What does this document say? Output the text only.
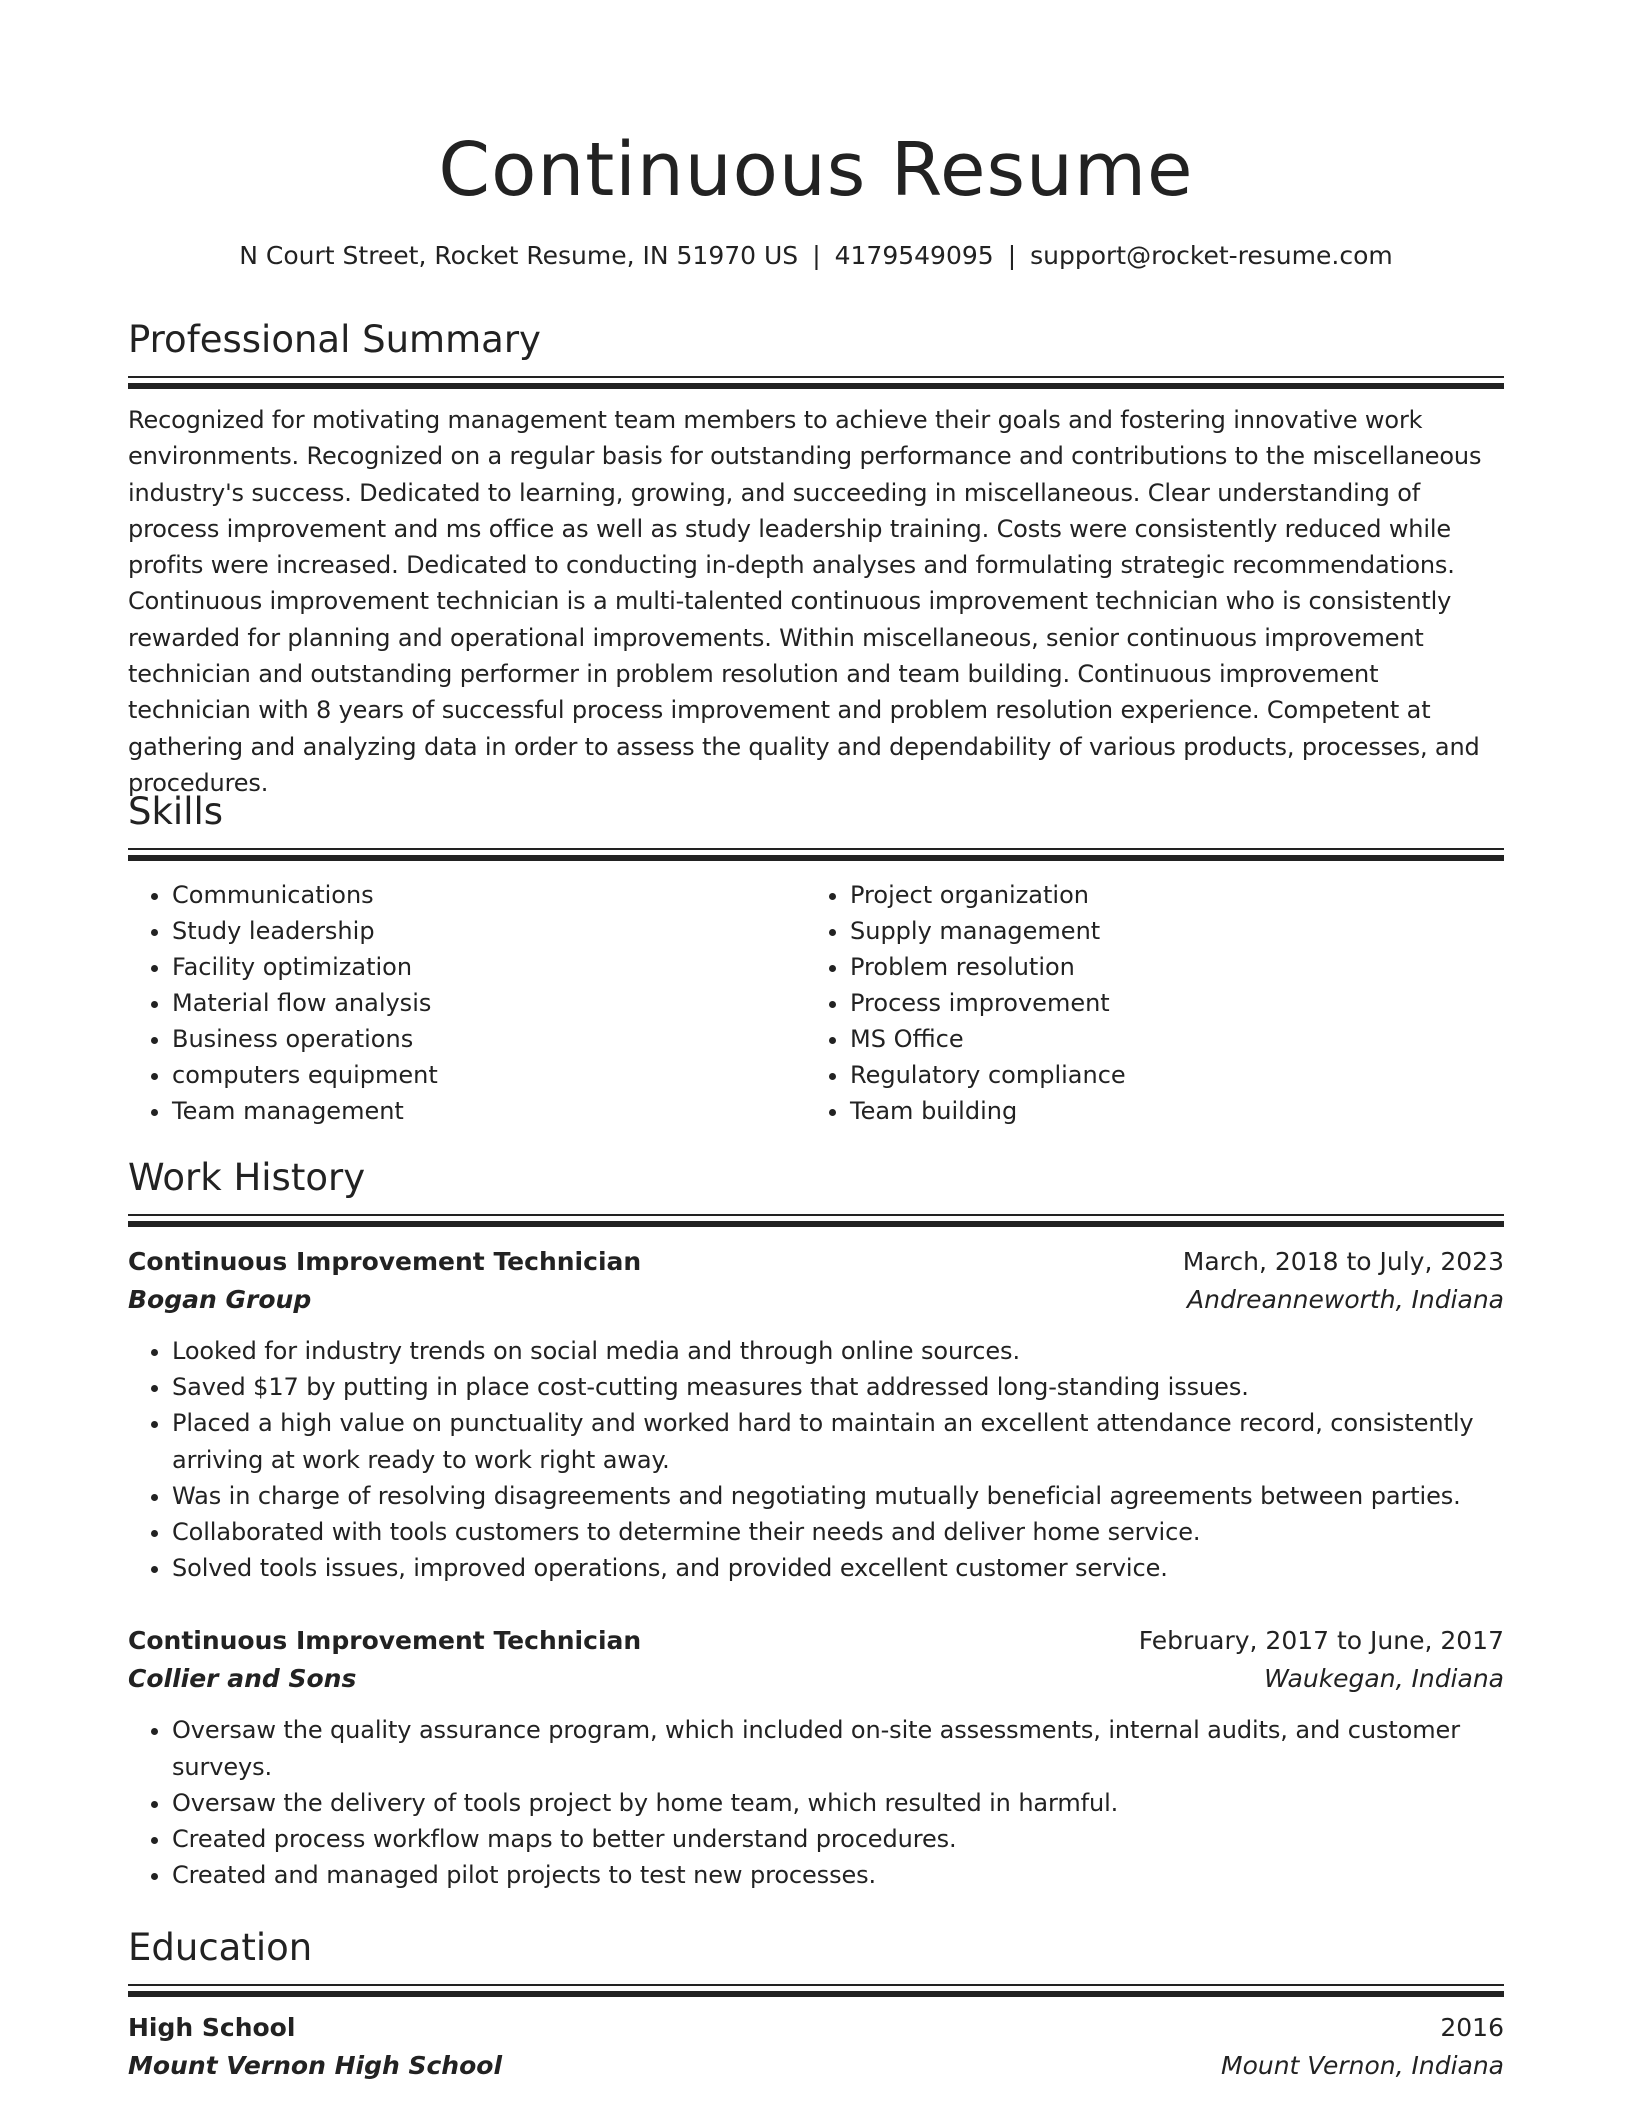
Continuous Resume
N Court Street, Rocket Resume, IN 51970 US | 4179549095 | support@rocket-resume.com
Professional Summary
Recognized for motivating management team members to achieve their goals and fostering innovative work environments. Recognized on a regular basis for outstanding performance and contributions to the miscellaneous industry's success. Dedicated to learning, growing, and succeeding in miscellaneous. Clear understanding of process improvement and ms office as well as study leadership training. Costs were consistently reduced while profits were increased. Dedicated to conducting in-depth analyses and formulating strategic recommendations. Continuous improvement technician is a multi-talented continuous improvement technician who is consistently rewarded for planning and operational improvements. Within miscellaneous, senior continuous improvement technician and outstanding performer in problem resolution and team building. Continuous improvement technician with 8 years of successful process improvement and problem resolution experience. Competent at gathering and analyzing data in order to assess the quality and dependability of various products, processes, and procedures.
Skills
• Communications
• Study leadership
• Facility optimization
• Material flow analysis
• Business operations
• computers equipment
• Team management
• Project organization
• Supply management
• Problem resolution
• Process improvement
• MS Office
• Regulatory compliance
• Team building
Work History
Continuous Improvement Technician	March, 2018 to July, 2023
Bogan Group	Andreanneworth, Indiana
• Looked for industry trends on social media and through online sources.
• Saved $17 by putting in place cost-cutting measures that addressed long-standing issues.
• Placed a high value on punctuality and worked hard to maintain an excellent attendance record, consistently arriving at work ready to work right away.
• Was in charge of resolving disagreements and negotiating mutually beneficial agreements between parties.
• Collaborated with tools customers to determine their needs and deliver home service.
• Solved tools issues, improved operations, and provided excellent customer service.
Continuous Improvement Technician	February, 2017 to June, 2017
Collier and Sons	Waukegan, Indiana
• Oversaw the quality assurance program, which included on-site assessments, internal audits, and customer surveys.
• Oversaw the delivery of tools project by home team, which resulted in harmful.
• Created process workflow maps to better understand procedures.
• Created and managed pilot projects to test new processes.
Education
High School	2016
Mount Vernon High School	Mount Vernon, Indiana
